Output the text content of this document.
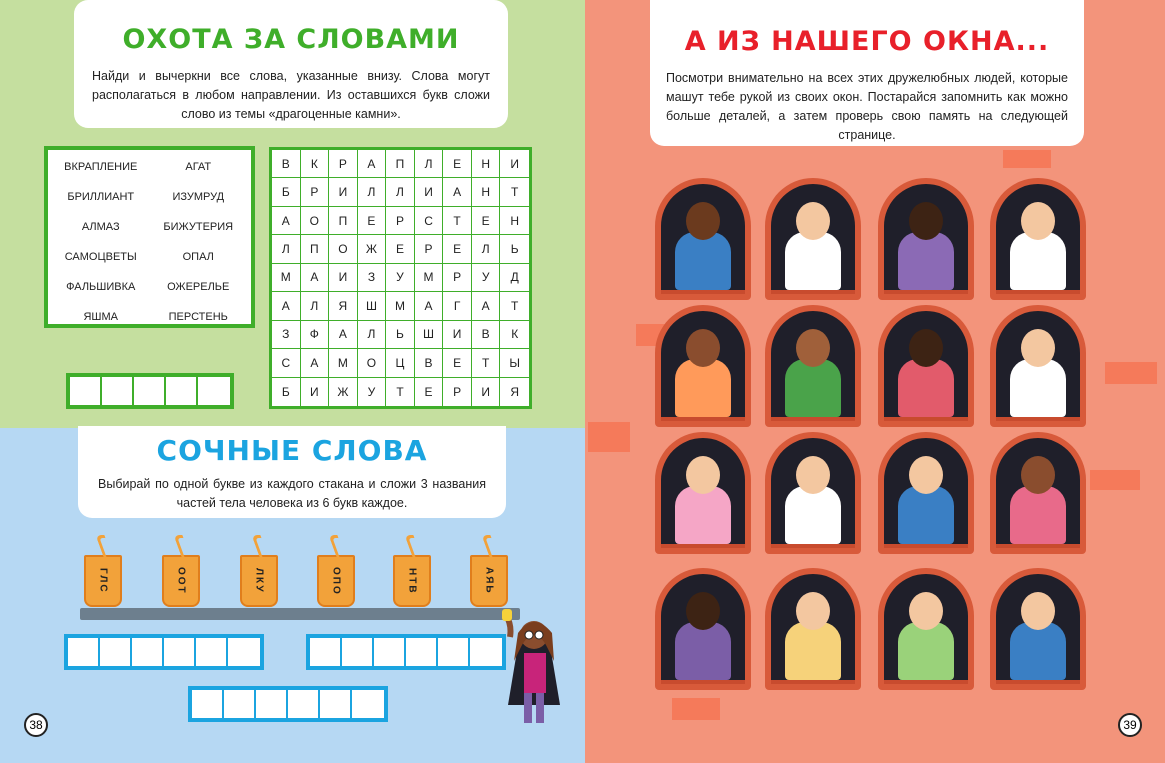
ОХОТА ЗА СЛОВАМИ

Найди и вычеркни все слова, указанные внизу. Слова могут располагаться в любом направлении. Из оставшихся букв сложи слово из темы «драгоценные камни».

ВКРАПЛЕНИЕ	АГАТ
БРИЛЛИАНТ	ИЗУМРУД
АЛМАЗ	БИЖУТЕРИЯ
САМОЦВЕТЫ	ОПАЛ
ФАЛЬШИВКА	ОЖЕРЕЛЬЕ
ЯШМА	ПЕРСТЕНЬ
В	К	Р	А	П	Л	Е	Н	И
Б	Р	И	Л	Л	И	А	Н	Т
А	О	П	Е	Р	С	Т	Е	Н
Л	П	О	Ж	Е	Р	Е	Л	Ь
М	А	И	З	У	М	Р	У	Д
А	Л	Я	Ш	М	А	Г	А	Т
З	Ф	А	Л	Ь	Ш	И	В	К
С	А	М	О	Ц	В	Е	Т	Ы
Б	И	Ж	У	Т	Е	Р	И	Я
СОЧНЫЕ СЛОВА

Выбирай по одной букве из каждого стакана и сложи 3 названия частей тела человека из 6 букв каждое.

ГЛС	ООТ	ЛКУ	ОПО	НТВ	АЯЬ
А ИЗ НАШЕГО ОКНА...

Посмотри внимательно на всех этих дружелюбных людей, которые машут тебе рукой из своих окон. Постарайся запомнить как можно больше деталей, а затем проверь свою память на следующей странице.

38	39
